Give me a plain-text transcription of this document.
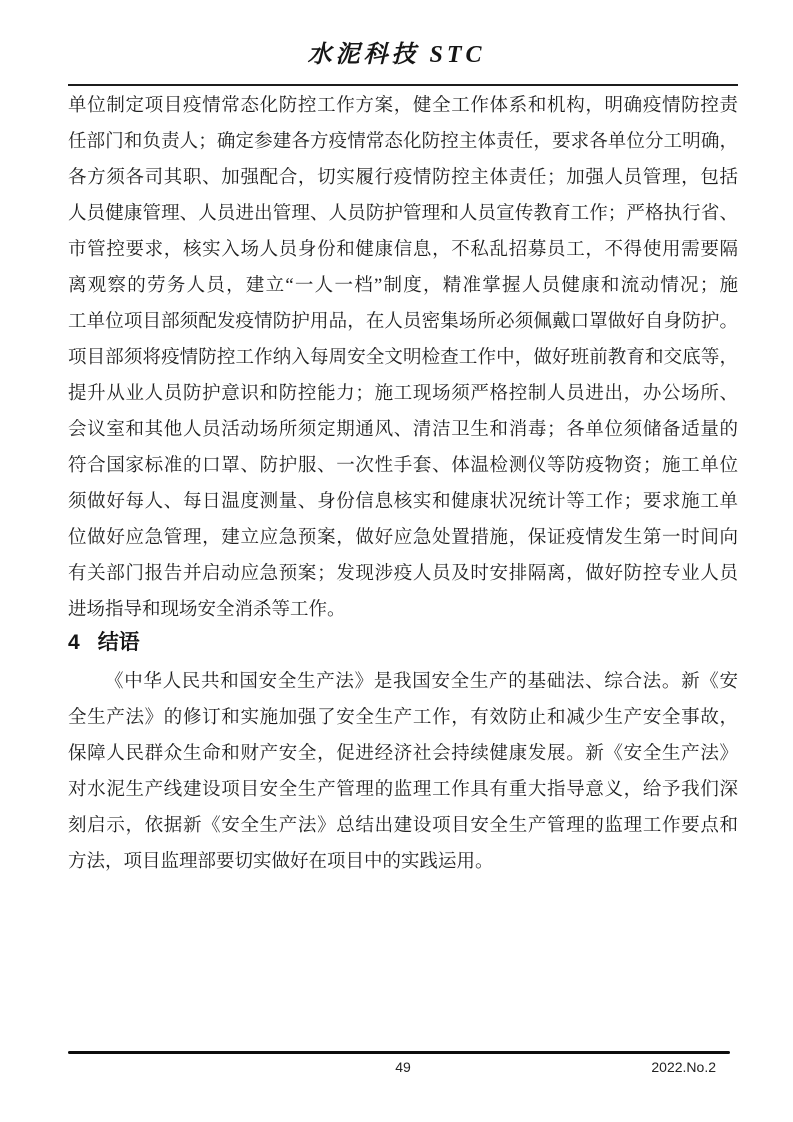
水泥科技 STC
单位制定项目疫情常态化防控工作方案，健全工作体系和机构，明确疫情防控责
任部门和负责人；确定参建各方疫情常态化防控主体责任，要求各单位分工明确，
各方须各司其职、加强配合，切实履行疫情防控主体责任；加强人员管理，包括
人员健康管理、人员进出管理、人员防护管理和人员宣传教育工作；严格执行省、
市管控要求，核实入场人员身份和健康信息，不私乱招募员工，不得使用需要隔
离观察的劳务人员，建立“一人一档”制度，精准掌握人员健康和流动情况；施
工单位项目部须配发疫情防护用品，在人员密集场所必须佩戴口罩做好自身防护。
项目部须将疫情防控工作纳入每周安全文明检查工作中，做好班前教育和交底等，
提升从业人员防护意识和防控能力；施工现场须严格控制人员进出，办公场所、
会议室和其他人员活动场所须定期通风、清洁卫生和消毒；各单位须储备适量的
符合国家标准的口罩、防护服、一次性手套、体温检测仪等防疫物资；施工单位
须做好每人、每日温度测量、身份信息核实和健康状况统计等工作；要求施工单
位做好应急管理，建立应急预案，做好应急处置措施，保证疫情发生第一时间向
有关部门报告并启动应急预案；发现涉疫人员及时安排隔离，做好防控专业人员
进场指导和现场安全消杀等工作。
4 结语
《中华人民共和国安全生产法》是我国安全生产的基础法、综合法。新《安
全生产法》的修订和实施加强了安全生产工作，有效防止和减少生产安全事故，
保障人民群众生命和财产安全，促进经济社会持续健康发展。新《安全生产法》
对水泥生产线建设项目安全生产管理的监理工作具有重大指导意义，给予我们深
刻启示，依据新《安全生产法》总结出建设项目安全生产管理的监理工作要点和
方法，项目监理部要切实做好在项目中的实践运用。
49	2022.No.2
